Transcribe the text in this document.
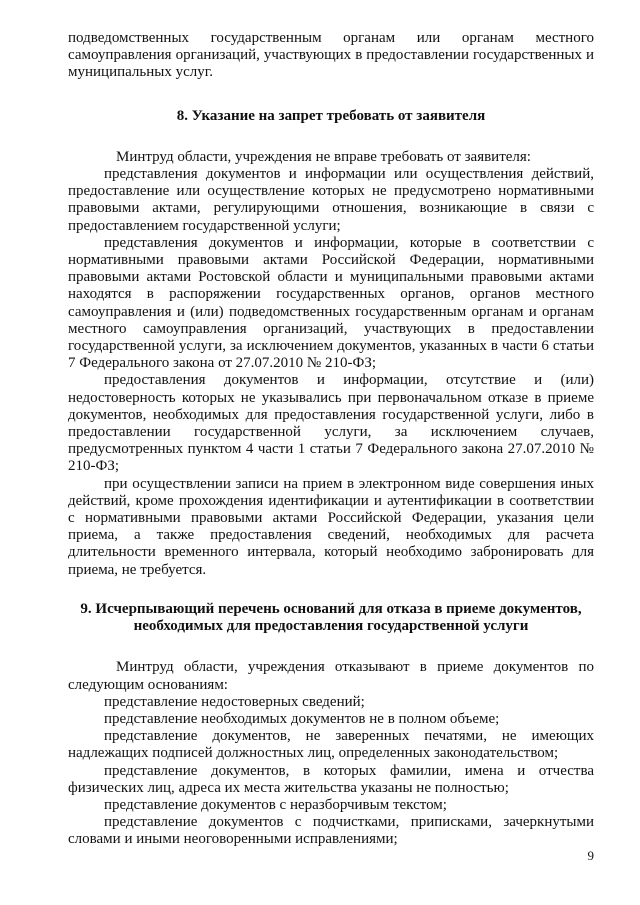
подведомственных государственным органам или органам местного самоуправления организаций, участвующих в предоставлении государственных и муниципальных услуг.

8. Указание на запрет требовать от заявителя

Минтруд области, учреждения не вправе требовать от заявителя:

представления документов и информации или осуществления действий, предоставление или осуществление которых не предусмотрено нормативными правовыми актами, регулирующими отношения, возникающие в связи с предоставлением государственной услуги;

представления документов и информации, которые в соответствии с нормативными правовыми актами Российской Федерации, нормативными правовыми актами Ростовской области и муниципальными правовыми актами находятся в распоряжении государственных органов, органов местного самоуправления и (или) подведомственных государственным органам и органам местного самоуправления организаций, участвующих в предоставлении государственной услуги, за исключением документов, указанных в части 6 статьи 7 Федерального закона от 27.07.2010 № 210-ФЗ;

предоставления документов и информации, отсутствие и (или) недостоверность которых не указывались при первоначальном отказе в приеме документов, необходимых для предоставления государственной услуги, либо в предоставлении государственной услуги, за исключением случаев, предусмотренных пунктом 4 части 1 статьи 7 Федерального закона 27.07.2010 № 210-ФЗ;

при осуществлении записи на прием в электронном виде совершения иных действий, кроме прохождения идентификации и аутентификации в соответствии с нормативными правовыми актами Российской Федерации, указания цели приема, а также предоставления сведений, необходимых для расчета длительности временного интервала, который необходимо забронировать для приема, не требуется.

9. Исчерпывающий перечень оснований для отказа в приеме документов, необходимых для предоставления государственной услуги

Минтруд области, учреждения отказывают в приеме документов по следующим основаниям:

представление недостоверных сведений;

представление необходимых документов не в полном объеме;

представление документов, не заверенных печатями, не имеющих надлежащих подписей должностных лиц, определенных законодательством;

представление документов, в которых фамилии, имена и отчества физических лиц, адреса их места жительства указаны не полностью;

представление документов с неразборчивым текстом;

представление документов с подчистками, приписками, зачеркнутыми словами и иными неоговоренными исправлениями;

9
